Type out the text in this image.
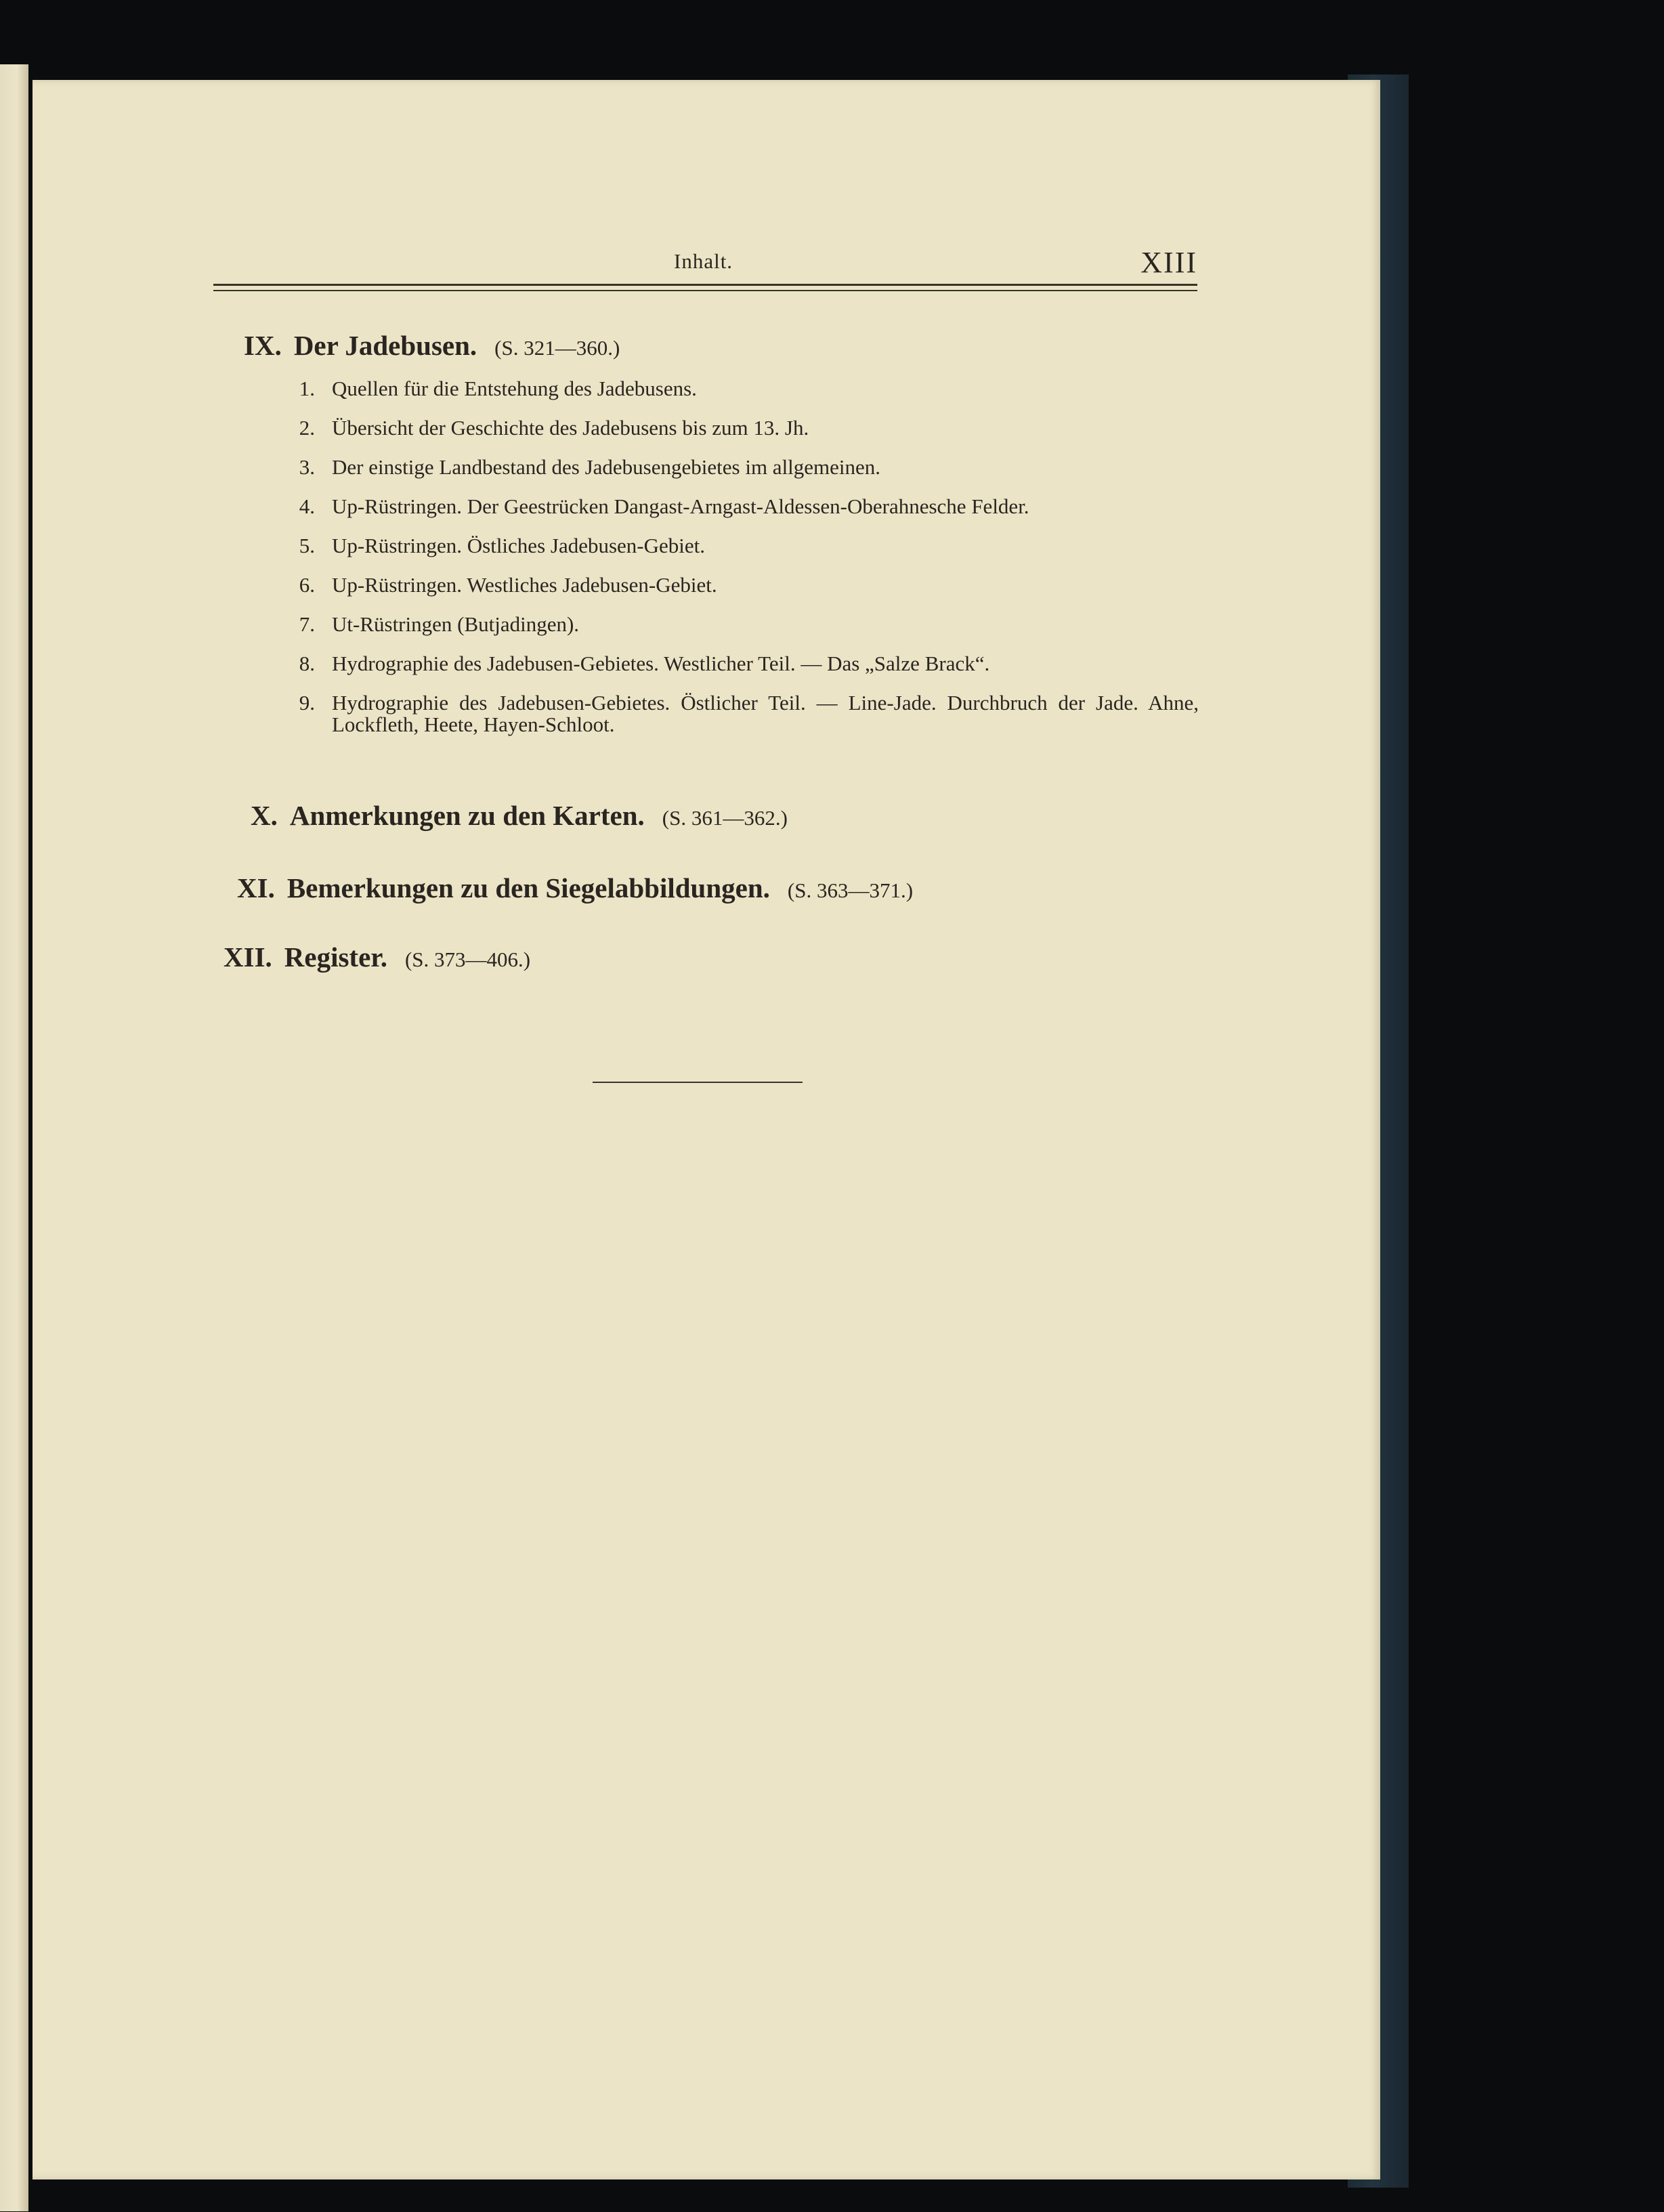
Inhalt.	XIII
IX. Der Jadebusen. (S. 321—360.)
1. Quellen für die Entstehung des Jadebusens.
2. Übersicht der Geschichte des Jadebusens bis zum 13. Jh.
3. Der einstige Landbestand des Jadebusengebietes im allgemeinen.
4. Up-Rüstringen. Der Geestrücken Dangast-Arngast-Aldessen-Oberahnesche Felder.
5. Up-Rüstringen. Östliches Jadebusen-Gebiet.
6. Up-Rüstringen. Westliches Jadebusen-Gebiet.
7. Ut-Rüstringen (Butjadingen).
8. Hydrographie des Jadebusen-Gebietes. Westlicher Teil. — Das „Salze Brack“.
9. Hydrographie des Jadebusen-Gebietes. Östlicher Teil. — Line-Jade. Durchbruch der Jade. Ahne, Lockfleth, Heete, Hayen-Schloot.
X. Anmerkungen zu den Karten. (S. 361—362.)
XI. Bemerkungen zu den Siegelabbildungen. (S. 363—371.)
XII. Register. (S. 373—406.)
